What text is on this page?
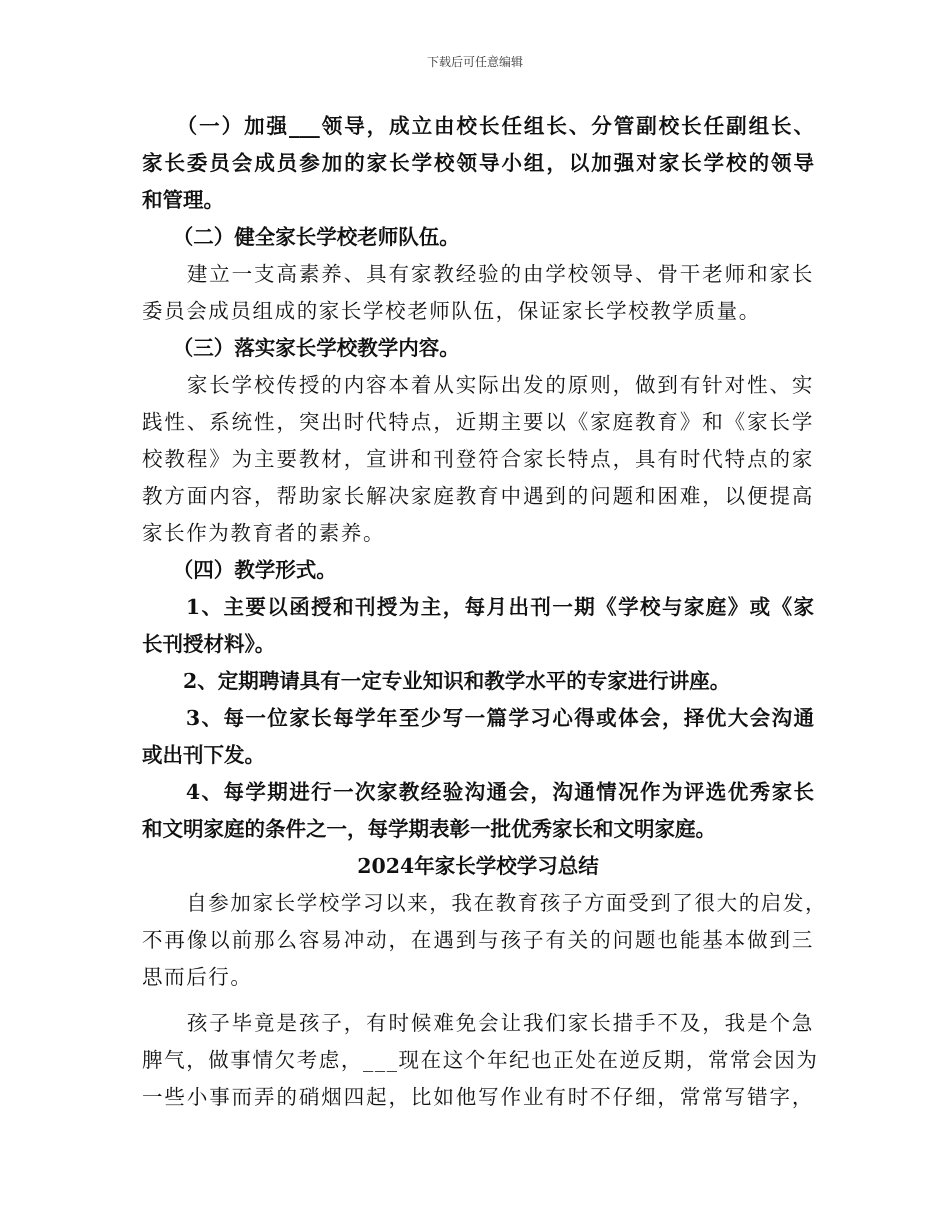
下载后可任意编辑
　　（一）加强___领导，成立由校长任组长、分管副校长任副组长、
家长委员会成员参加的家长学校领导小组，以加强对家长学校的领导
和管理。
　　（二）健全家长学校老师队伍。
　　建立一支高素养、具有家教经验的由学校领导、骨干老师和家长
委员会成员组成的家长学校老师队伍，保证家长学校教学质量。
　　（三）落实家长学校教学内容。
　　家长学校传授的内容本着从实际出发的原则，做到有针对性、实
践性、系统性，突出时代特点，近期主要以《家庭教育》和《家长学
校教程》为主要教材，宣讲和刊登符合家长特点，具有时代特点的家
教方面内容，帮助家长解决家庭教育中遇到的问题和困难，以便提高
家长作为教育者的素养。
　　（四）教学形式。
　　1、主要以函授和刊授为主，每月出刊一期《学校与家庭》或《家
长刊授材料》。
　　2、定期聘请具有一定专业知识和教学水平的专家进行讲座。
　　3、每一位家长每学年至少写一篇学习心得或体会，择优大会沟通
或出刊下发。
　　4、每学期进行一次家教经验沟通会，沟通情况作为评选优秀家长
和文明家庭的条件之一，每学期表彰一批优秀家长和文明家庭。
2024年家长学校学习总结
　　自参加家长学校学习以来，我在教育孩子方面受到了很大的启发，
不再像以前那么容易冲动，在遇到与孩子有关的问题也能基本做到三
思而后行。
　　孩子毕竟是孩子，有时候难免会让我们家长措手不及，我是个急
脾气，做事情欠考虑，___现在这个年纪也正处在逆反期，常常会因为
一些小事而弄的硝烟四起，比如他写作业有时不仔细，常常写错字，
